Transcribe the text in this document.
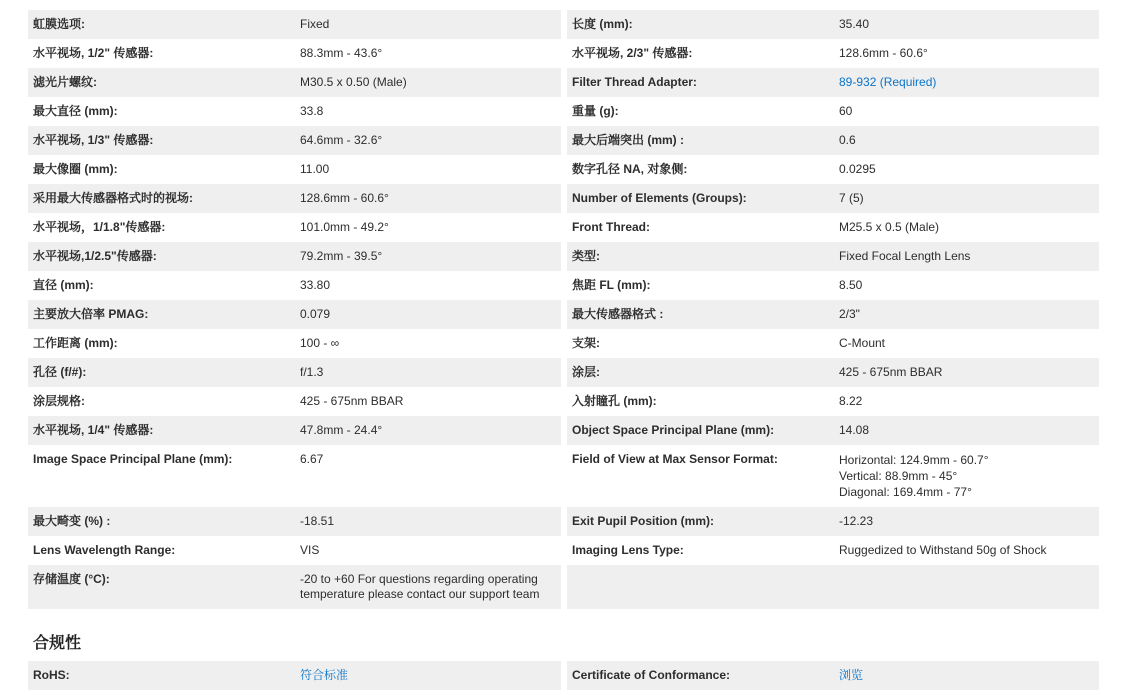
虹膜选项:	Fixed	长度 (mm):	35.40
水平视场, 1/2" 传感器:	88.3mm - 43.6°	水平视场, 2/3" 传感器:	128.6mm - 60.6°
滤光片螺纹:	M30.5 x 0.50 (Male)	Filter Thread Adapter:	89-932 (Required)
最大直径 (mm):	33.8	重量 (g):	60
水平视场, 1/3" 传感器:	64.6mm - 32.6°	最大后端突出 (mm) :	0.6
最大像圈 (mm):	11.00	数字孔径 NA, 对象侧:	0.0295
采用最大传感器格式时的视场:	128.6mm - 60.6°	Number of Elements (Groups):	7 (5)
水平视场，1/1.8"传感器:	101.0mm - 49.2°	Front Thread:	M25.5 x 0.5 (Male)
水平视场,1/2.5"传感器:	79.2mm - 39.5°	类型:	Fixed Focal Length Lens
直径 (mm):	33.80	焦距 FL (mm):	8.50
主要放大倍率 PMAG:	0.079	最大传感器格式 :	2/3"
工作距离 (mm):	100 - ∞	支架:	C-Mount
孔径 (f/#):	f/1.3	涂层:	425 - 675nm BBAR
涂层规格:	425 - 675nm BBAR	入射瞳孔 (mm):	8.22
水平视场, 1/4" 传感器:	47.8mm - 24.4°	Object Space Principal Plane (mm):	14.08
Image Space Principal Plane (mm):	6.67	Field of View at Max Sensor Format:	Horizontal: 124.9mm - 60.7°
Vertical: 88.9mm - 45°
Diagonal: 169.4mm - 77°
最大畸变 (%) :	-18.51	Exit Pupil Position (mm):	-12.23
Lens Wavelength Range:	VIS	Imaging Lens Type:	Ruggedized to Withstand 50g of Shock
存储温度 (°C):	-20 to +60 For questions regarding operating temperature please contact our support team
合规性
RoHS:	符合标准	Certificate of Conformance:	浏览
